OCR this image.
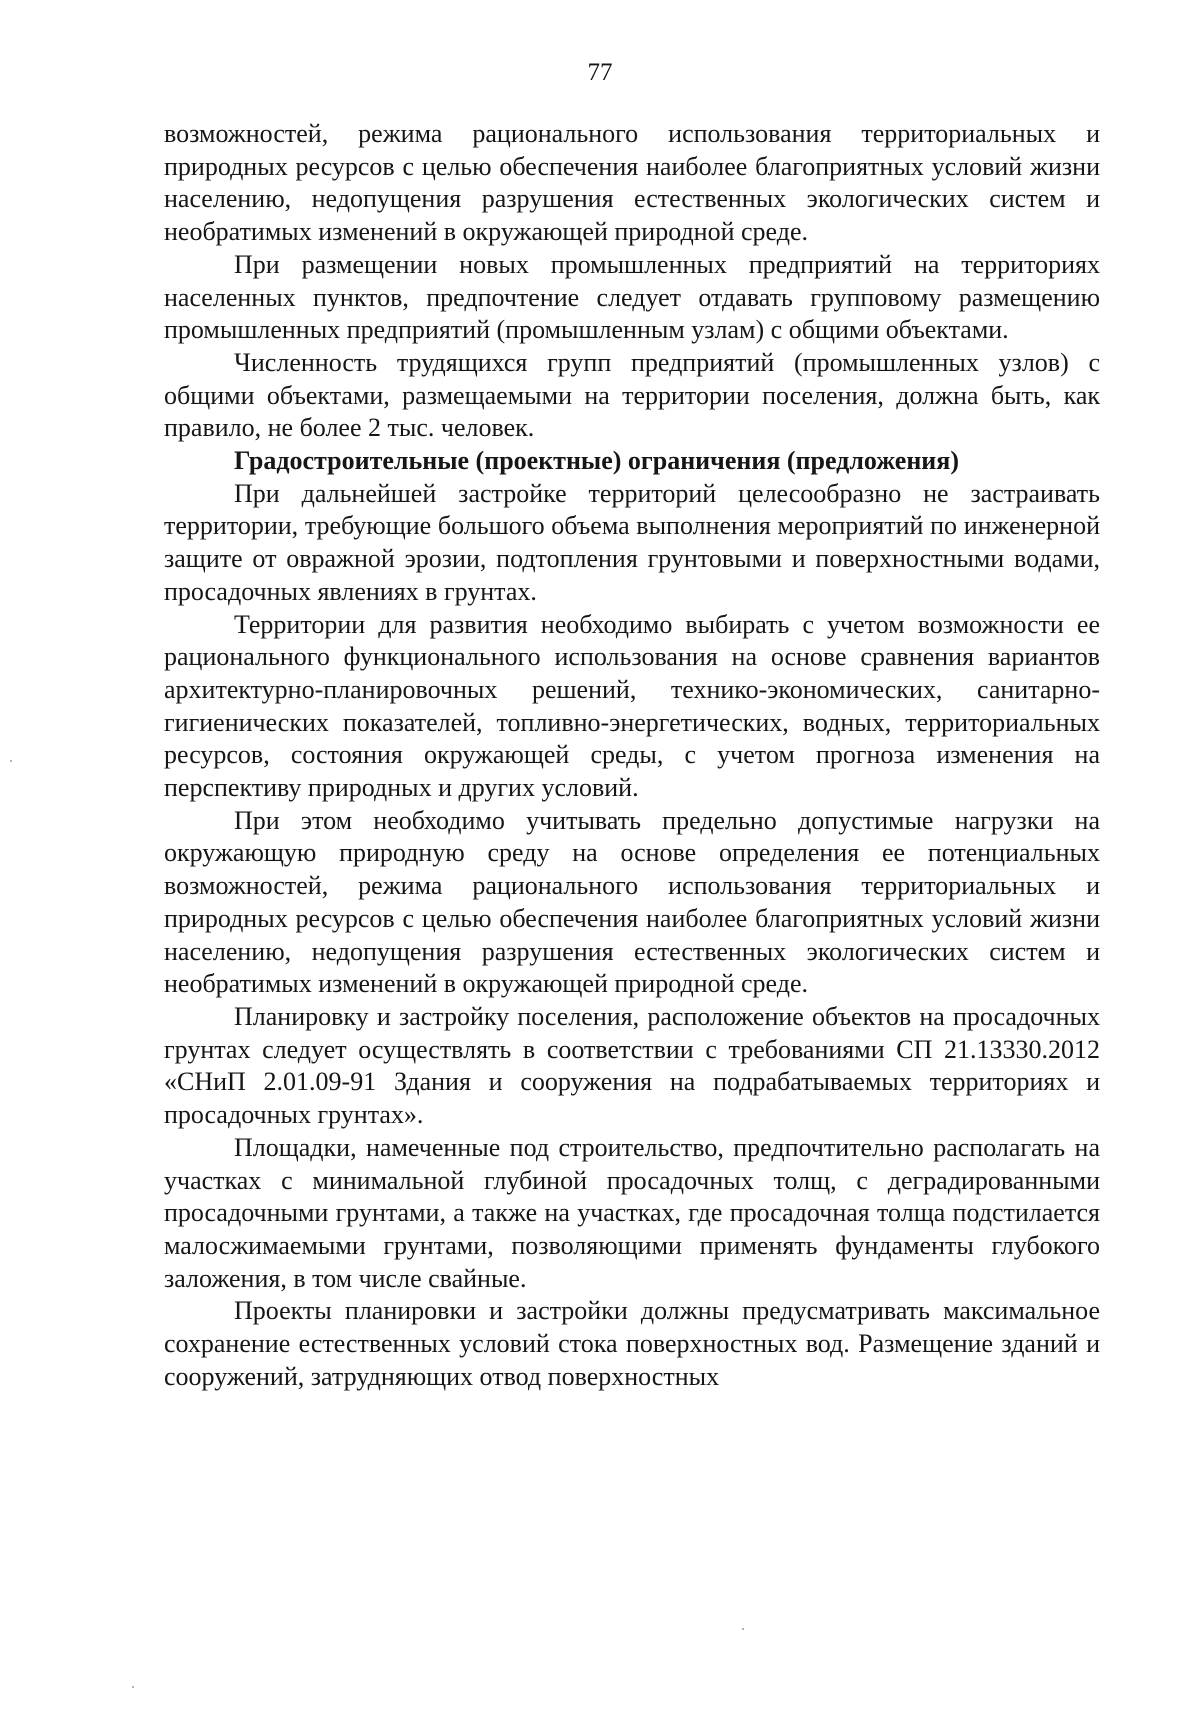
77

возможностей, режима рационального использования территориальных и природных ресурсов с целью обеспечения наиболее благоприятных условий жизни населению, недопущения разрушения естественных экологических систем и необратимых изменений в окружающей природной среде.

При размещении новых промышленных предприятий на территориях населенных пунктов, предпочтение следует отдавать групповому размещению промышленных предприятий (промышленным узлам) с общими объектами.

Численность трудящихся групп предприятий (промышленных узлов) с общими объектами, размещаемыми на территории поселения, должна быть, как правило, не более 2 тыс. человек.

Градостроительные (проектные) ограничения (предложения)

При дальнейшей застройке территорий целесообразно не застраивать территории, требующие большого объема выполнения мероприятий по инженерной защите от овражной эрозии, подтопления грунтовыми и поверхностными водами, просадочных явлениях в грунтах.

Территории для развития необходимо выбирать с учетом возможности ее рационального функционального использования на основе сравнения вариантов архитектурно-планировочных решений, технико-экономических, санитарно-гигиенических показателей, топливно-энергетических, водных, территориальных ресурсов, состояния окружающей среды, с учетом прогноза изменения на перспективу природных и других условий.

При этом необходимо учитывать предельно допустимые нагрузки на окружающую природную среду на основе определения ее потенциальных возможностей, режима рационального использования территориальных и природных ресурсов с целью обеспечения наиболее благоприятных условий жизни населению, недопущения разрушения естественных экологических систем и необратимых изменений в окружающей природной среде.

Планировку и застройку поселения, расположение объектов на просадочных грунтах следует осуществлять в соответствии с требованиями СП 21.13330.2012 «СНиП 2.01.09-91 Здания и сооружения на подрабатываемых территориях и просадочных грунтах».

Площадки, намеченные под строительство, предпочтительно располагать на участках с минимальной глубиной просадочных толщ, с деградированными просадочными грунтами, а также на участках, где просадочная толща подстилается малосжимаемыми грунтами, позволяющими применять фундаменты глубокого заложения, в том числе свайные.

Проекты планировки и застройки должны предусматривать максимальное сохранение естественных условий стока поверхностных вод. Размещение зданий и сооружений, затрудняющих отвод поверхностных
